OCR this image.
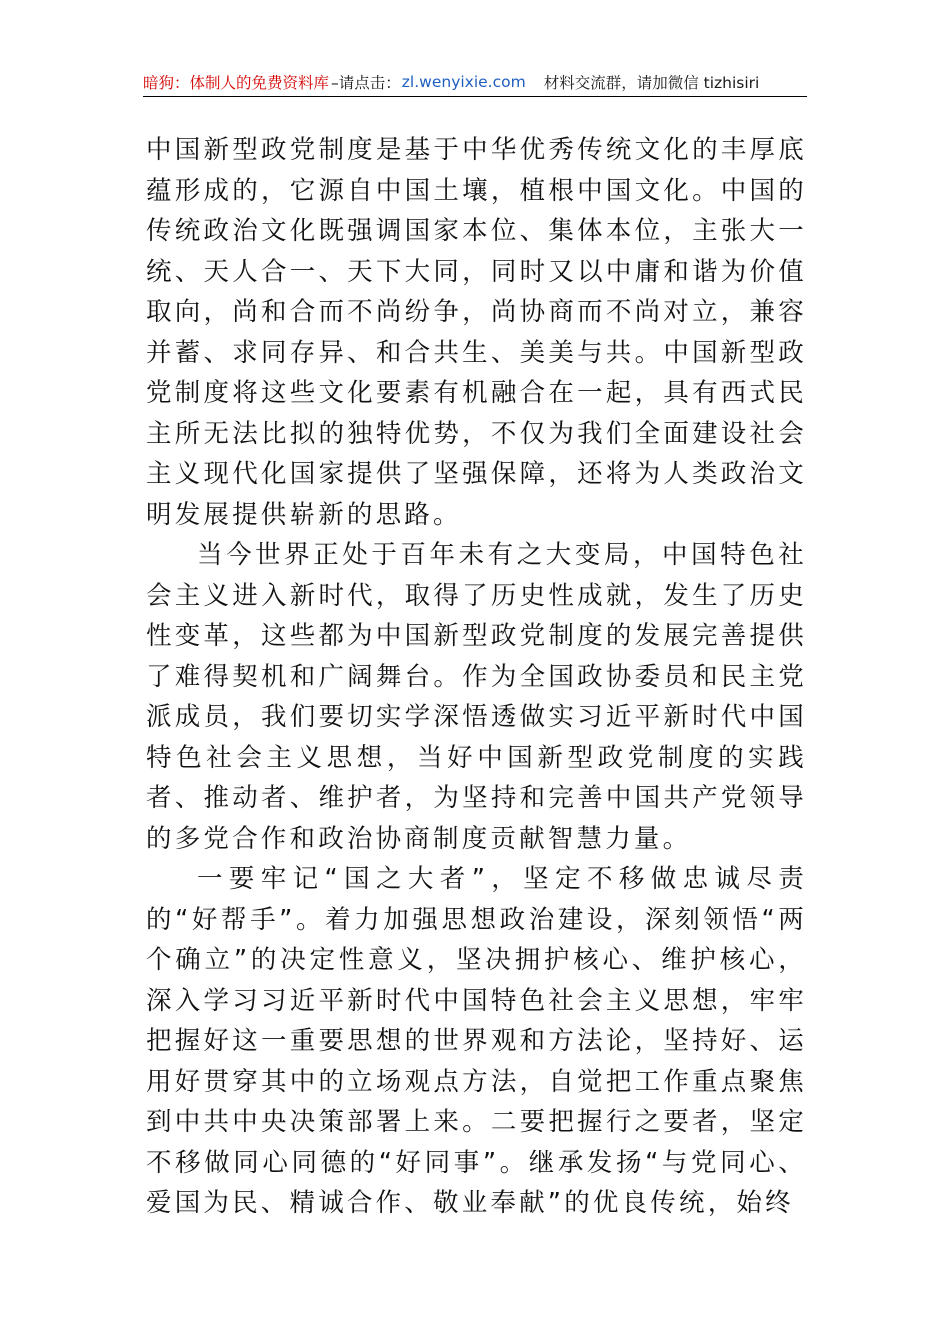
暗狗：体制人的免费资料库 –请点击： zl.wenyixie.com 材料交流群，请加微信 tizhisiri

中国新型政党制度是基于中华优秀传统文化的丰厚底蕴形成的，它源自中国土壤，植根中国文化。中国的传统政治文化既强调国家本位、集体本位，主张大一统、天人合一、天下大同，同时又以中庸和谐为价值取向，尚和合而不尚纷争，尚协商而不尚对立，兼容并蓄、求同存异、和合共生、美美与共。中国新型政党制度将这些文化要素有机融合在一起，具有西式民主所无法比拟的独特优势，不仅为我们全面建设社会主义现代化国家提供了坚强保障，还将为人类政治文明发展提供崭新的思路。

当今世界正处于百年未有之大变局，中国特色社会主义进入新时代，取得了历史性成就，发生了历史性变革，这些都为中国新型政党制度的发展完善提供了难得契机和广阔舞台。作为全国政协委员和民主党派成员，我们要切实学深悟透做实习近平新时代中国特色社会主义思想，当好中国新型政党制度的实践者、推动者、维护者，为坚持和完善中国共产党领导的多党合作和政治协商制度贡献智慧力量。

一要牢记“国之大者”，坚定不移做忠诚尽责的“好帮手”。着力加强思想政治建设，深刻领悟“两个确立”的决定性意义，坚决拥护核心、维护核心，深入学习习近平新时代中国特色社会主义思想，牢牢把握好这一重要思想的世界观和方法论，坚持好、运用好贯穿其中的立场观点方法，自觉把工作重点聚焦到中共中央决策部署上来。二要把握行之要者，坚定不移做同心同德的“好同事”。继承发扬“与党同心、爱国为民、精诚合作、敬业奉献”的优良传统，始终
